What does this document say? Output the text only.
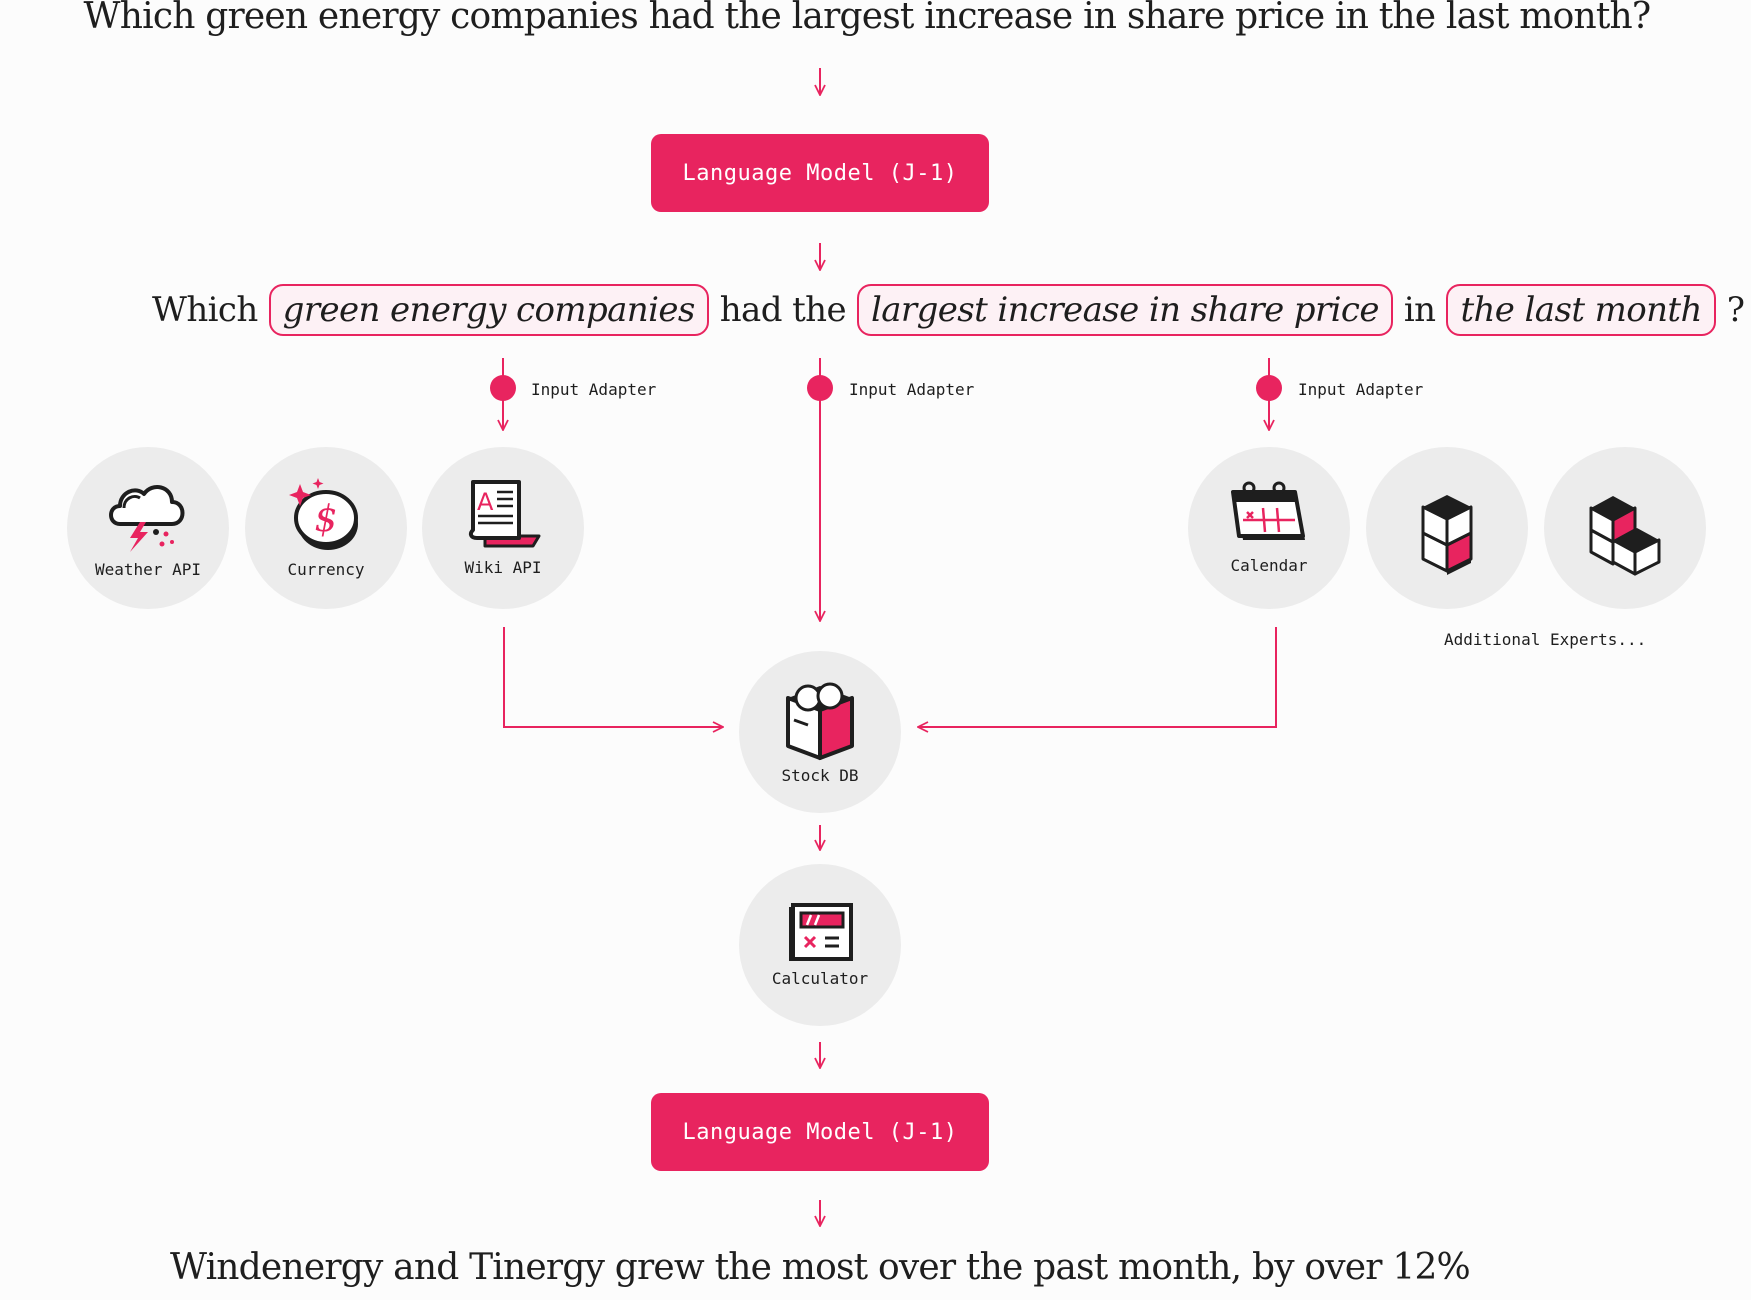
Which green energy companies had the largest increase in share price in the last month?
Language Model (J-1)
Which green energy companies had the largest increase in share price in the last month ?
Input Adapter	Input Adapter	Input Adapter
Weather API
$
Currency
A
Wiki API
Stock DB
Calculator
Calendar
Additional Experts...
Language Model (J-1)
Windenergy and Tinergy grew the most over the past month, by over 12%
